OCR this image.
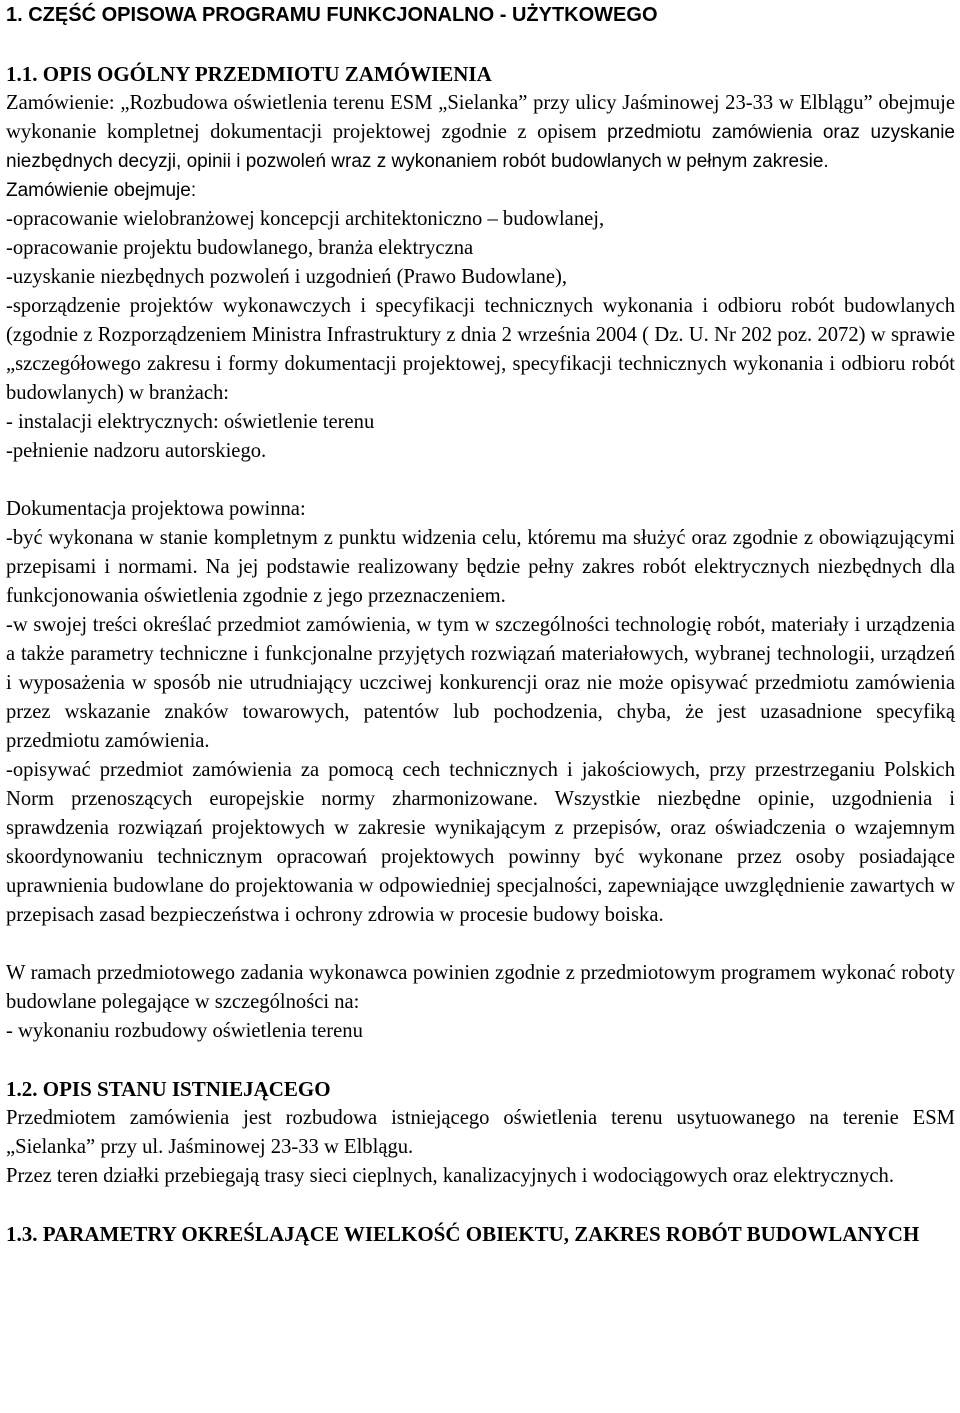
1. CZĘŚĆ OPISOWA PROGRAMU FUNKCJONALNO - UŻYTKOWEGO
1.1. OPIS OGÓLNY PRZEDMIOTU ZAMÓWIENIA

Zamówienie: „Rozbudowa oświetlenia terenu ESM „Sielanka” przy ulicy Jaśminowej 23-33 w Elblągu” obejmuje wykonanie kompletnej dokumentacji projektowej zgodnie z opisem przedmiotu zamówienia oraz uzyskanie niezbędnych decyzji, opinii i pozwoleń wraz z wykonaniem robót budowlanych w pełnym zakresie.

Zamówienie obejmuje:

-opracowanie wielobranżowej koncepcji architektoniczno – budowlanej,

-opracowanie projektu budowlanego, branża elektryczna

-uzyskanie niezbędnych pozwoleń i uzgodnień (Prawo Budowlane),

-sporządzenie projektów wykonawczych i specyfikacji technicznych wykonania i odbioru robót budowlanych (zgodnie z Rozporządzeniem Ministra Infrastruktury z dnia 2 września 2004 ( Dz. U. Nr 202 poz. 2072) w sprawie „szczegółowego zakresu i formy dokumentacji projektowej, specyfikacji technicznych wykonania i odbioru robót budowlanych) w branżach:

- instalacji elektrycznych: oświetlenie terenu

-pełnienie nadzoru autorskiego.

Dokumentacja projektowa powinna:

-być wykonana w stanie kompletnym z punktu widzenia celu, któremu ma służyć oraz zgodnie z obowiązującymi przepisami i normami. Na jej podstawie realizowany będzie pełny zakres robót elektrycznych niezbędnych dla funkcjonowania oświetlenia zgodnie z jego przeznaczeniem.

-w swojej treści określać przedmiot zamówienia, w tym w szczególności technologię robót, materiały i urządzenia a także parametry techniczne i funkcjonalne przyjętych rozwiązań materiałowych, wybranej technologii, urządzeń i wyposażenia w sposób nie utrudniający uczciwej konkurencji oraz nie może opisywać przedmiotu zamówienia przez wskazanie znaków towarowych, patentów lub pochodzenia, chyba, że jest uzasadnione specyfiką przedmiotu zamówienia.

-opisywać przedmiot zamówienia za pomocą cech technicznych i jakościowych, przy przestrzeganiu Polskich Norm przenoszących europejskie normy zharmonizowane. Wszystkie niezbędne opinie, uzgodnienia i sprawdzenia rozwiązań projektowych w zakresie wynikającym z przepisów, oraz oświadczenia o wzajemnym skoordynowaniu technicznym opracowań projektowych powinny być wykonane przez osoby posiadające uprawnienia budowlane do projektowania w odpowiedniej specjalności, zapewniające uwzględnienie zawartych w przepisach zasad bezpieczeństwa i ochrony zdrowia w procesie budowy boiska.

W ramach przedmiotowego zadania wykonawca powinien zgodnie z przedmiotowym programem wykonać roboty budowlane polegające w szczególności na:

- wykonaniu rozbudowy oświetlenia terenu

1.2. OPIS STANU ISTNIEJĄCEGO

Przedmiotem zamówienia jest rozbudowa istniejącego oświetlenia terenu usytuowanego na terenie ESM „Sielanka” przy ul. Jaśminowej 23-33 w Elblągu.

Przez teren działki przebiegają trasy sieci cieplnych, kanalizacyjnych i wodociągowych oraz elektrycznych.

1.3. PARAMETRY OKREŚLAJĄCE WIELKOŚĆ OBIEKTU, ZAKRES ROBÓT BUDOWLANYCH
